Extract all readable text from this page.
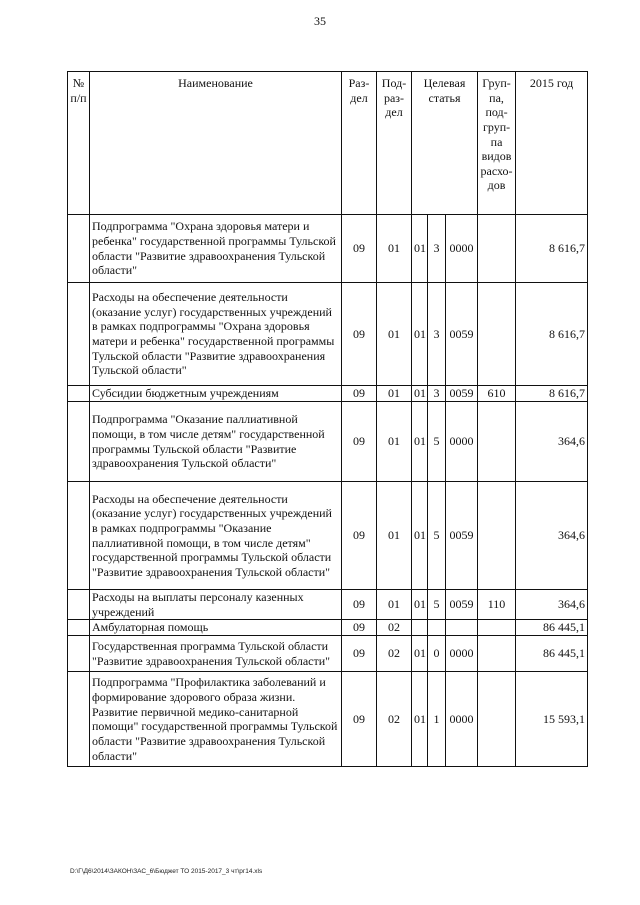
35
№ п/п	Наименование	Раз-дел	Под-раз-дел	Целевая статья			Груп-па, под-груп-па видов расхо-дов	2015 год
	Подпрограмма "Охрана здоровья матери и ребенка" государственной программы Тульской области "Развитие здравоохранения Тульской области"	09	01	01	3	0000		8 616,7
	Расходы на обеспечение деятельности (оказание услуг) государственных учреждений в рамках подпрограммы "Охрана здоровья матери и ребенка" государственной программы Тульской области "Развитие здравоохранения Тульской области"	09	01	01	3	0059		8 616,7
	Субсидии бюджетным учреждениям	09	01	01	3	0059	610	8 616,7
	Подпрограмма "Оказание паллиативной помощи, в том числе детям" государственной программы Тульской области "Развитие здравоохранения Тульской области"	09	01	01	5	0000		364,6
	Расходы на обеспечение деятельности (оказание услуг) государственных учреждений в рамках подпрограммы "Оказание паллиативной помощи, в том числе детям" государственной программы Тульской области "Развитие здравоохранения Тульской области"	09	01	01	5	0059		364,6
	Расходы на выплаты персоналу казенных учреждений	09	01	01	5	0059	110	364,6
	Амбулаторная помощь	09	02					86 445,1
	Государственная программа Тульской области "Развитие здравоохранения Тульской области"	09	02	01	0	0000		86 445,1
	Подпрограмма "Профилактика заболеваний и формирование здорового образа жизни. Развитие первичной медико-санитарной помощи" государственной программы Тульской области "Развитие здравоохранения Тульской области"	09	02	01	1	0000		15 593,1
D:\Г\Д6\2014\ЗАКОН\ЗАС_6\Бюджет ТО 2015-2017_3 чт\рг14.xls
